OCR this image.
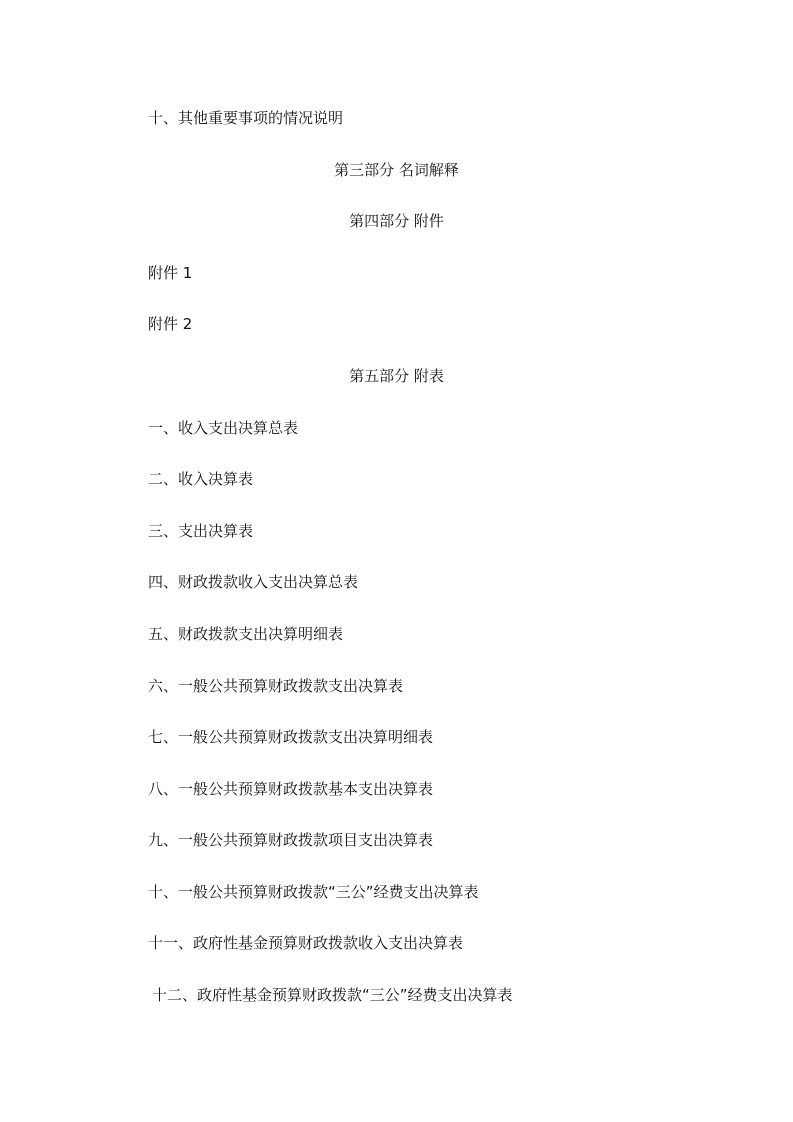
十、其他重要事项的情况说明
第三部分 名词解释
第四部分 附件
附件 1
附件 2
第五部分 附表
一、收入支出决算总表
二、收入决算表
三、支出决算表
四、财政拨款收入支出决算总表
五、财政拨款支出决算明细表
六、一般公共预算财政拨款支出决算表
七、一般公共预算财政拨款支出决算明细表
八、一般公共预算财政拨款基本支出决算表
九、一般公共预算财政拨款项目支出决算表
十、一般公共预算财政拨款“三公”经费支出决算表
十一、政府性基金预算财政拨款收入支出决算表
十二、政府性基金预算财政拨款“三公”经费支出决算表
